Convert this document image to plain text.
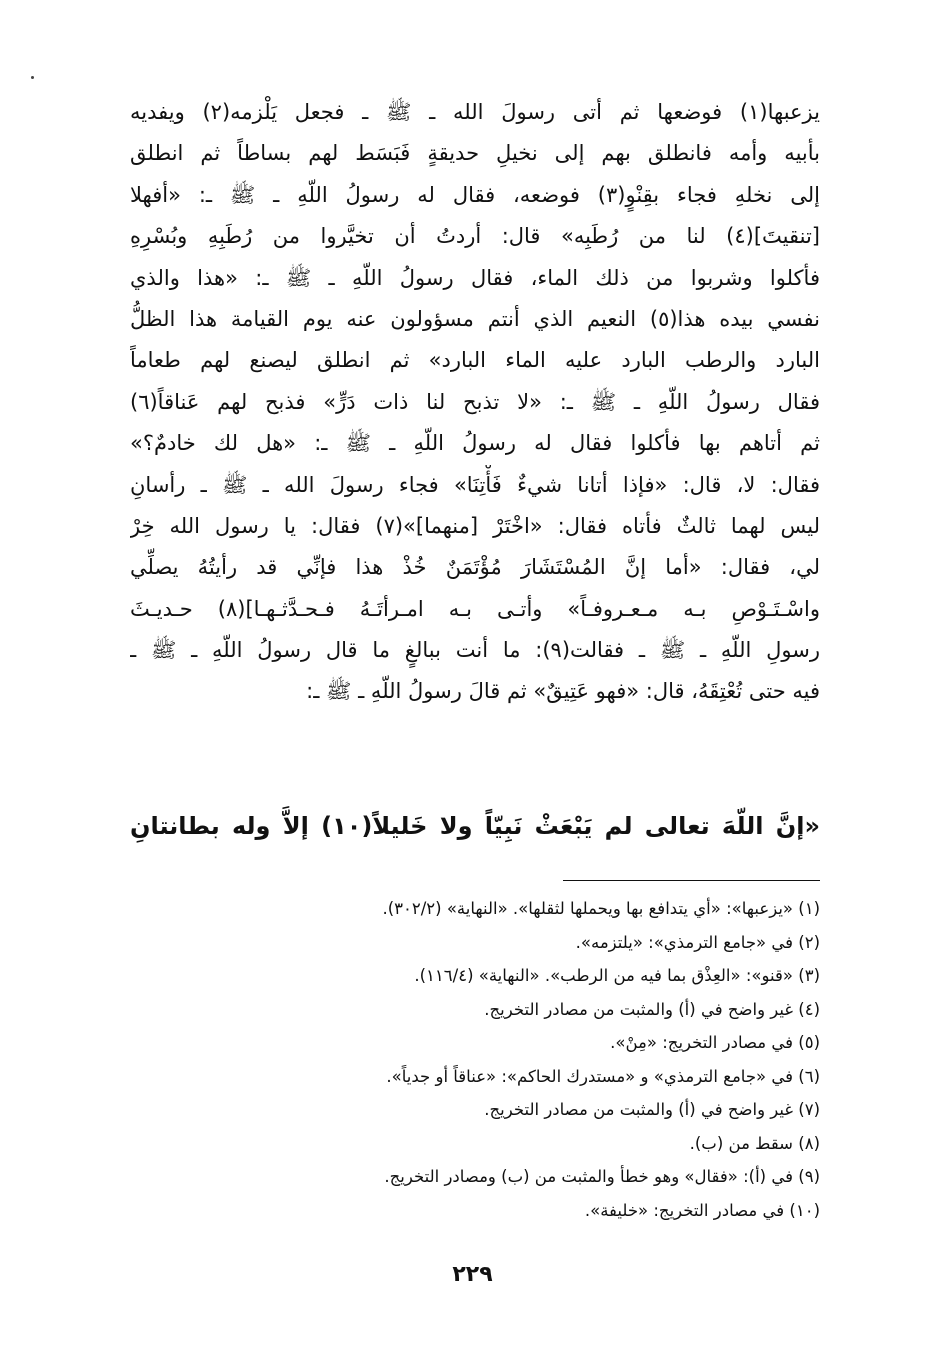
يزعبها(١) فوضعها ثم أتى رسولَ الله ـ ﷺ ـ فجعل يَلْزمه(٢) ويفديه
بأبيه وأمه فانطلق بهم إلى نخيلِ حديقةٍ فَبَسَط لهم بساطاً ثم انطلق
إلى نخلهِ فجاء بقِنْوٍ(٣) فوضعه، فقال له رسولُ اللّهِ ـ ﷺ ـ: «أفهلا
[تنقيتَ](٤) لنا من رُطَبِه» قال: أردتُ أن تخيَّروا من رُطَبِهِ وبُسْرِهِ
فأكلوا وشربوا من ذلك الماء، فقال رسولُ اللّهِ ـ ﷺ ـ: «هذا والذي
نفسي بيده هذا(٥) النعيم الذي أنتم مسؤولون عنه يوم القيامة هذا الظلُّ
البارد والرطب البارد عليه الماء البارد» ثم انطلق ليصنع لهم طعاماً
فقال رسولُ اللّهِ ـ ﷺ ـ: «لا تذبح لنا ذات دَرٍّ» فذبح لهم عَناقاً(٦)
ثم أتاهم بها فأكلوا فقال له رسولُ اللّهِ ـ ﷺ ـ: «هل لك خادمٌ؟»
فقال: لا، قال: «فإذا أتانا شيءٌ فَأْتِنَا» فجاء رسولَ الله ـ ﷺ ـ رأسانِ
ليس لهما ثالثٌ فأتاه فقال: «اخْتَرْ [منهما]»(٧) فقال: يا رسول الله خِرْ
لي، فقال: «أما إنَّ المُسْتَشَارَ مُؤْتَمَنٌ خُذْ هذا فإنِّي قد رأيتُهُ يصلِّي
واسْـتَـوْصِ بـه مـعـروفـاً» وأتـى بـه امـرأتَـهُ فـحـدَّثـهـا](٨) حـديـثَ
رسولِ اللّهِ ـ ﷺ ـ فقالت(٩): ما أنت ببالغٍ ما قال رسولُ اللّهِ ـ ﷺ ـ
فيه حتى تُعْتِقَهُ، قال: «فهو عَتِيقٌ» ثم قالَ رسولُ اللّهِ ـ ﷺ ـ:
«إنَّ اللّهَ تعالى لم يَبْعَثْ نَبِيّاً ولا خَليلاً(١٠) إلاَّ وله بطانتانِ
(١) «يزعبها»: «أي يتدافع بها ويحملها لثقلها». «النهاية» (٣٠٢/٢).
(٢) في «جامع الترمذي»: «يلتزمه».
(٣) «قنو»: «العِذْق بما فيه من الرطب». «النهاية» (١١٦/٤).
(٤) غير واضح في (أ) والمثبت من مصادر التخريج.
(٥) في مصادر التخريج: «مِنْ».
(٦) في «جامع الترمذي» و «مستدرك الحاكم»: «عناقاً أو جدياً».
(٧) غير واضح في (أ) والمثبت من مصادر التخريج.
(٨) سقط من (ب).
(٩) في (أ): «فقال» وهو خطأ والمثبت من (ب) ومصادر التخريج.
(١٠) في مصادر التخريج: «خليفة».
٢٢٩
